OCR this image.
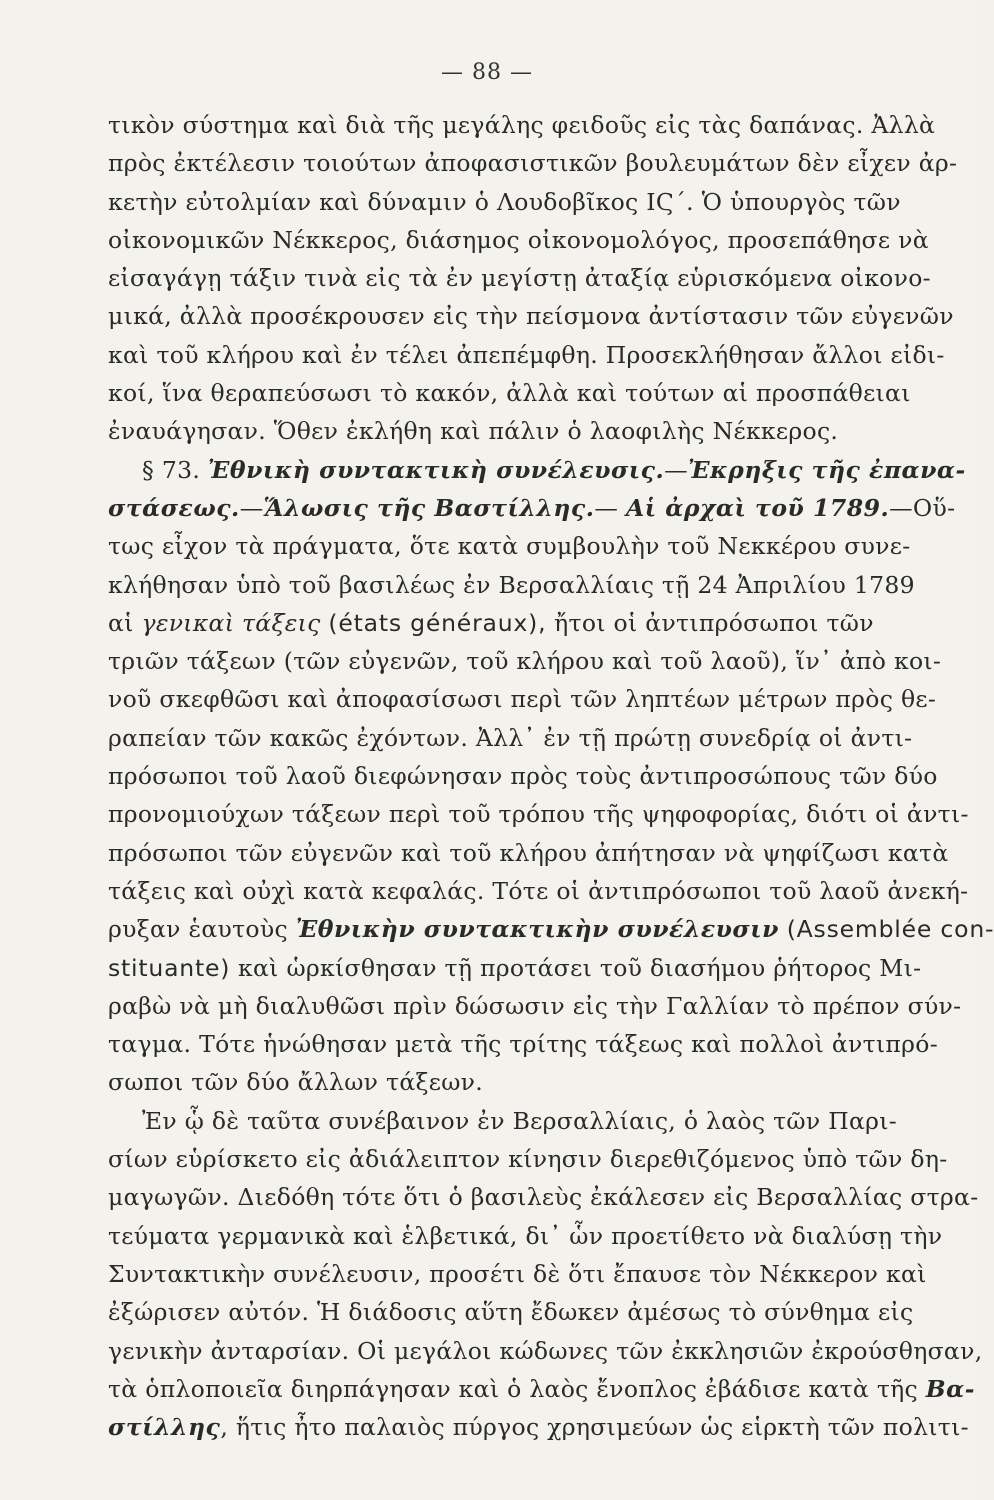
— 88 —
τικὸν σύστημα καὶ διὰ τῆς μεγάλης φειδοῦς εἰς τὰς δαπάνας. Ἀλλὰ
πρὸς ἐκτέλεσιν τοιούτων ἀποφασιστικῶν βουλευμάτων δὲν εἶχεν ἀρ-
κετὴν εὐτολμίαν καὶ δύναμιν ὁ Λουδοβῖκος ΙϚ΄. Ὁ ὑπουργὸς τῶν
οἰκονομικῶν Νέκκερος, διάσημος οἰκονομολόγος, προσεπάθησε νὰ
εἰσαγάγῃ τάξιν τινὰ εἰς τὰ ἐν μεγίστῃ ἀταξίᾳ εὑρισκόμενα οἰκονο-
μικά, ἀλλὰ προσέκρουσεν εἰς τὴν πείσμονα ἀντίστασιν τῶν εὐγενῶν
καὶ τοῦ κλήρου καὶ ἐν τέλει ἀπεπέμφθη. Προσεκλήθησαν ἄλλοι εἰδι-
κοί, ἵνα θεραπεύσωσι τὸ κακόν, ἀλλὰ καὶ τούτων αἱ προσπάθειαι
ἐναυάγησαν. Ὅθεν ἐκλήθη καὶ πάλιν ὁ λαοφιλὴς Νέκκερος.
§ 73. Ἐθνικὴ συντακτικὴ συνέλευσις.—Ἐκρηξις τῆς ἐπανα-
στάσεως.—Ἅλωσις τῆς Βαστίλλης.— Αἱ ἀρχαὶ τοῦ 1789.—Οὕ-
τως εἶχον τὰ πράγματα, ὅτε κατὰ συμβουλὴν τοῦ Νεκκέρου συνε-
κλήθησαν ὑπὸ τοῦ βασιλέως ἐν Βερσαλλίαις τῇ 24 Ἀπριλίου 1789
αἱ γενικαὶ τάξεις (états généraux), ἤτοι οἱ ἀντιπρόσωποι τῶν
τριῶν τάξεων (τῶν εὐγενῶν, τοῦ κλήρου καὶ τοῦ λαοῦ), ἵν᾽ ἀπὸ κοι-
νοῦ σκεφθῶσι καὶ ἀποφασίσωσι περὶ τῶν ληπτέων μέτρων πρὸς θε-
ραπείαν τῶν κακῶς ἐχόντων. Ἀλλ᾽ ἐν τῇ πρώτῃ συνεδρίᾳ οἱ ἀντι-
πρόσωποι τοῦ λαοῦ διεφώνησαν πρὸς τοὺς ἀντιπροσώπους τῶν δύο
προνομιούχων τάξεων περὶ τοῦ τρόπου τῆς ψηφοφορίας, διότι οἱ ἀντι-
πρόσωποι τῶν εὐγενῶν καὶ τοῦ κλήρου ἀπήτησαν νὰ ψηφίζωσι κατὰ
τάξεις καὶ οὐχὶ κατὰ κεφαλάς. Τότε οἱ ἀντιπρόσωποι τοῦ λαοῦ ἀνεκή-
ρυξαν ἑαυτοὺς Ἐθνικὴν συντακτικὴν συνέλευσιν (Assemblée con-
stituante) καὶ ὡρκίσθησαν τῇ προτάσει τοῦ διασήμου ῥήτορος Μι-
ραβὼ νὰ μὴ διαλυθῶσι πρὶν δώσωσιν εἰς τὴν Γαλλίαν τὸ πρέπον σύν-
ταγμα. Τότε ἡνώθησαν μετὰ τῆς τρίτης τάξεως καὶ πολλοὶ ἀντιπρό-
σωποι τῶν δύο ἄλλων τάξεων.
Ἐν ᾧ δὲ ταῦτα συνέβαινον ἐν Βερσαλλίαις, ὁ λαὸς τῶν Παρι-
σίων εὑρίσκετο εἰς ἀδιάλειπτον κίνησιν διερεθιζόμενος ὑπὸ τῶν δη-
μαγωγῶν. Διεδόθη τότε ὅτι ὁ βασιλεὺς ἐκάλεσεν εἰς Βερσαλλίας στρα-
τεύματα γερμανικὰ καὶ ἑλβετικά, δι᾽ ὧν προετίθετο νὰ διαλύσῃ τὴν
Συντακτικὴν συνέλευσιν, προσέτι δὲ ὅτι ἔπαυσε τὸν Νέκκερον καὶ
ἐξώρισεν αὐτόν. Ἡ διάδοσις αὕτη ἔδωκεν ἀμέσως τὸ σύνθημα εἰς
γενικὴν ἀνταρσίαν. Οἱ μεγάλοι κώδωνες τῶν ἐκκλησιῶν ἐκρούσθησαν,
τὰ ὁπλοποιεῖα διηρπάγησαν καὶ ὁ λαὸς ἔνοπλος ἐβάδισε κατὰ τῆς Βα-
στίλλης, ἥτις ἦτο παλαιὸς πύργος χρησιμεύων ὡς εἱρκτὴ τῶν πολιτι-
